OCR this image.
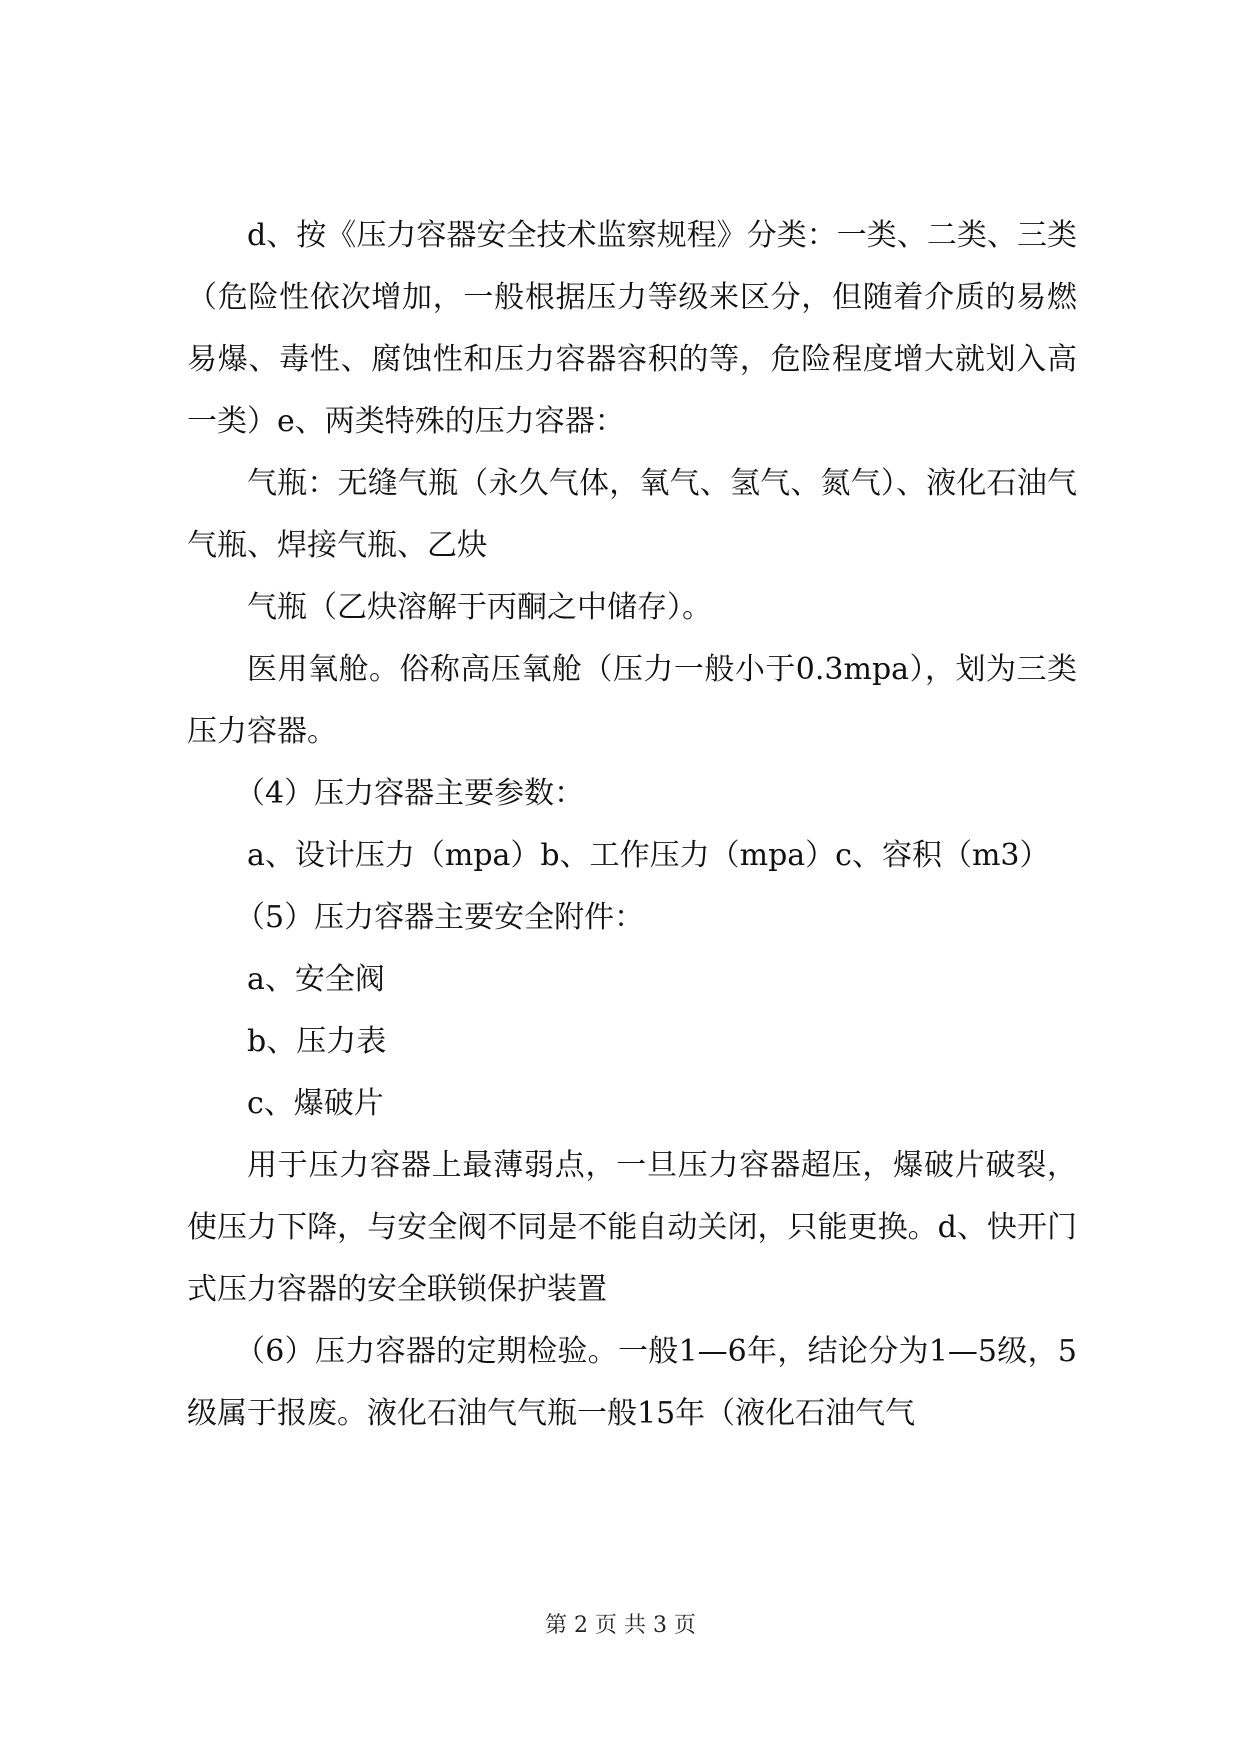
d、按《压力容器安全技术监察规程》分类：一类、二类、三类（危险性依次增加，一般根据压力等级来区分，但随着介质的易燃易爆、毒性、腐蚀性和压力容器容积的等，危险程度增大就划入高一类）e、两类特殊的压力容器：

气瓶：无缝气瓶（永久气体，氧气、氢气、氮气）、液化石油气气瓶、焊接气瓶、乙炔

气瓶（乙炔溶解于丙酮之中储存）。

医用氧舱。俗称高压氧舱（压力一般小于0.3mpa），划为三类压力容器。

（4）压力容器主要参数：

a、设计压力（mpa）b、工作压力（mpa）c、容积（m3）

（5）压力容器主要安全附件：

a、安全阀

b、压力表

c、爆破片

用于压力容器上最薄弱点，一旦压力容器超压，爆破片破裂，使压力下降，与安全阀不同是不能自动关闭，只能更换。d、快开门式压力容器的安全联锁保护装置

（6）压力容器的定期检验。一般1—6年，结论分为1—5级，5级属于报废。液化石油气气瓶一般15年（液化石油气气

第 2 页 共 3 页
